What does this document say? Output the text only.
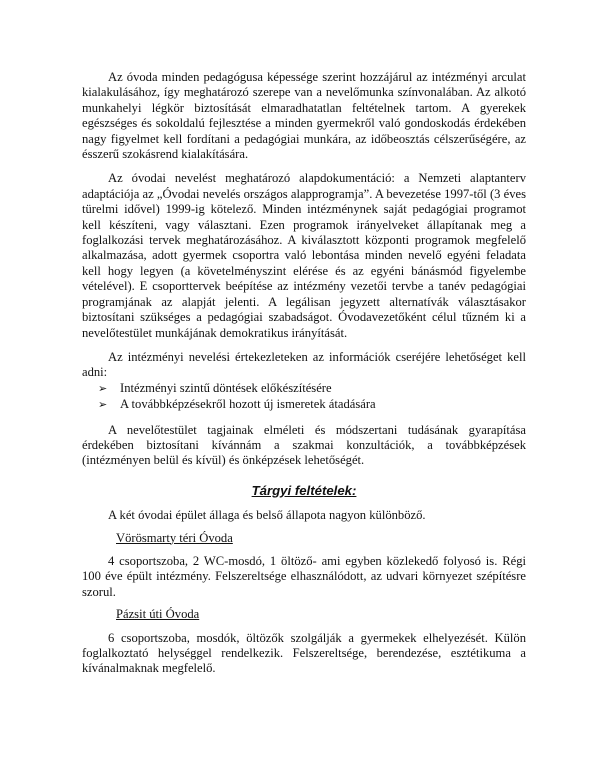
Az óvoda minden pedagógusa képessége szerint hozzájárul az intézményi arculat kialakulásához, így meghatározó szerepe van a nevelőmunka színvonalában. Az alkotó munkahelyi légkör biztosítását elmaradhatatlan feltételnek tartom. A gyerekek egészséges és sokoldalú fejlesztése a minden gyermekről való gondoskodás érdekében nagy figyelmet kell fordítani a pedagógiai munkára, az időbeosztás célszerűségére, az ésszerű szokásrend kialakítására.

Az óvodai nevelést meghatározó alapdokumentáció: a Nemzeti alaptanterv adaptációja az „Óvodai nevelés országos alapprogramja”. A bevezetése 1997-től (3 éves türelmi idővel) 1999-ig kötelező. Minden intézménynek saját pedagógiai programot kell készíteni, vagy választani. Ezen programok irányelveket állapítanak meg a foglalkozási tervek meghatározásához. A kiválasztott központi programok megfelelő alkalmazása, adott gyermek csoportra való lebontása minden nevelő egyéni feladata kell hogy legyen (a követelményszint elérése és az egyéni bánásmód figyelembe vételével). E csoporttervek beépítése az intézmény vezetői tervbe a tanév pedagógiai programjának az alapját jelenti. A legálisan jegyzett alternatívák választásakor biztosítani szükséges a pedagógiai szabadságot. Óvodavezetőként célul tűzném ki a nevelőtestület munkájának demokratikus irányítását.

Az intézményi nevelési értekezleteken az információk cseréjére lehetőséget kell adni:

➢	Intézményi szintű döntések előkészítésére
➢	A továbbképzésekről hozott új ismeretek átadására

A nevelőtestület tagjainak elméleti és módszertani tudásának gyarapítása érdekében biztosítani kívánnám a szakmai konzultációk, a továbbképzések (intézményen belül és kívül) és önképzések lehetőségét.

Tárgyi feltételek:

A két óvodai épület állaga és belső állapota nagyon különböző.

Vörösmarty téri Óvoda

4 csoportszoba, 2 WC-mosdó, 1 öltöző- ami egyben közlekedő folyosó is. Régi 100 éve épült intézmény. Felszereltsége elhasználódott, az udvari környezet szépítésre szorul.

Pázsit úti Óvoda

6 csoportszoba, mosdók, öltözők szolgálják a gyermekek elhelyezését. Külön foglalkoztató helységgel rendelkezik. Felszereltsége, berendezése, esztétikuma a kívánalmaknak megfelelő.
